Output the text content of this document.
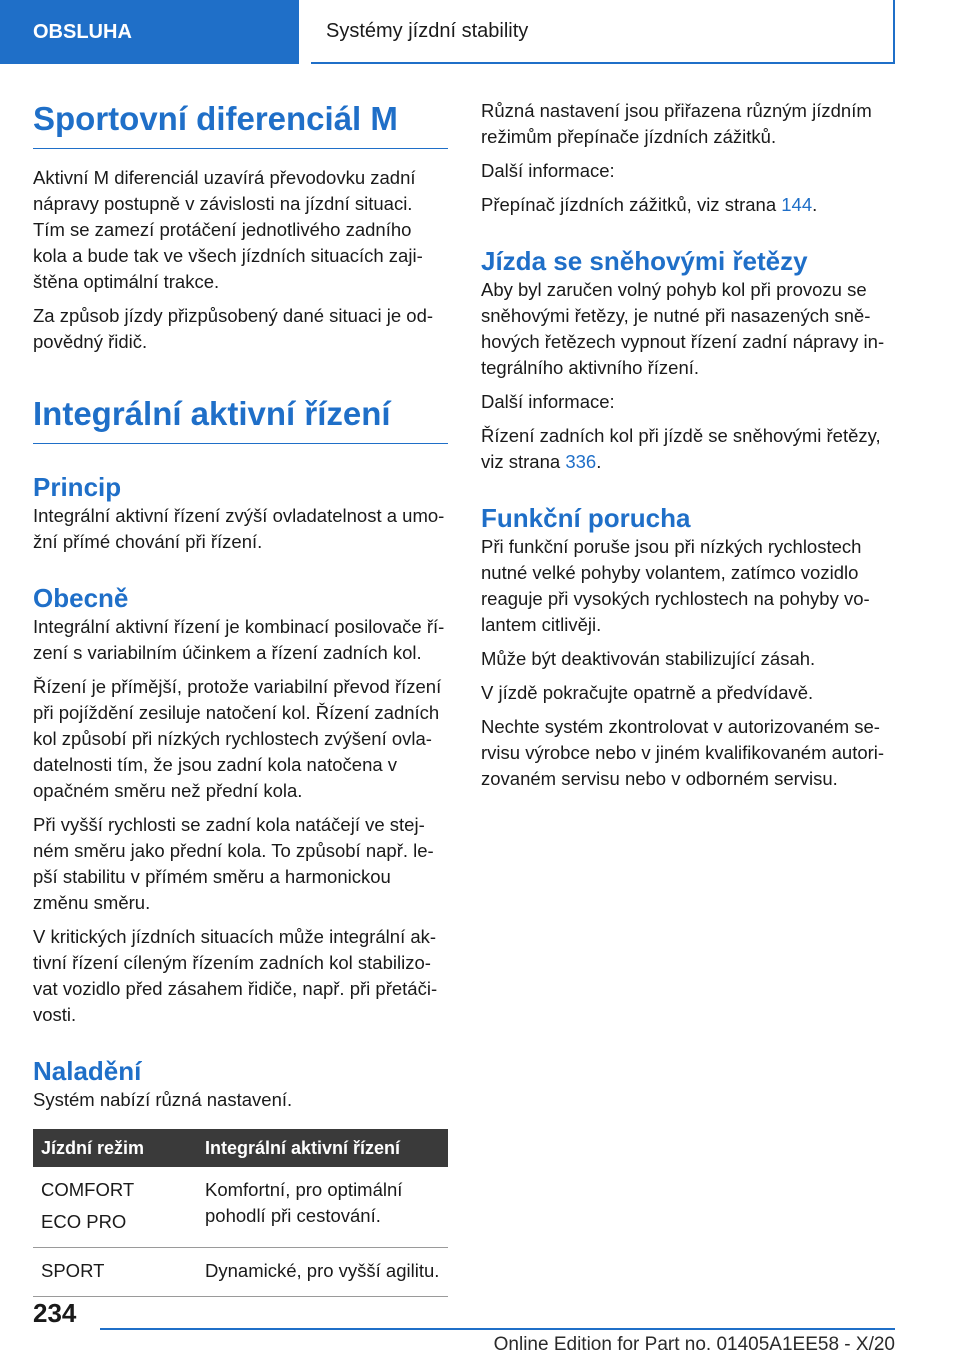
OBSLUHA	Systémy jízdní stability
Sportovní diferenciál M

Aktivní M diferenciál uzavírá převodovku zadní nápravy postupně v závislosti na jízdní situaci. Tím se zamezí protáčení jednotlivého zadního kola a bude tak ve všech jízdních situacích zajištěna optimální trakce.

Za způsob jízdy přizpůsobený dané situaci je odpovědný řidič.

Integrální aktivní řízení
Princip

Integrální aktivní řízení zvýší ovladatelnost a umožní přímé chování při řízení.

Obecně

Integrální aktivní řízení je kombinací posilovače řízení s variabilním účinkem a řízení zadních kol.

Řízení je přímější, protože variabilní převod řízení při pojíždění zesiluje natočení kol. Řízení zadních kol způsobí při nízkých rychlostech zvýšení ovladatelnosti tím, že jsou zadní kola natočena v opačném směru než přední kola.

Při vyšší rychlosti se zadní kola natáčejí ve stejném směru jako přední kola. To způsobí např. lepší stabilitu v přímém směru a harmonickou změnu směru.

V kritických jízdních situacích může integrální aktivní řízení cíleným řízením zadních kol stabilizovat vozidlo před zásahem řidiče, např. při přetáčivosti.

Naladění

Systém nabízí různá nastavení.

Jízdní režim	Integrální aktivní řízení

COMFORT
ECO PRO	Komfortní, pro optimální pohodlí při cestování.

SPORT	Dynamické, pro vyšší agilitu.

Různá nastavení jsou přiřazena různým jízdním režimům přepínače jízdních zážitků.

Další informace:

Přepínač jízdních zážitků, viz strana 144.

Jízda se sněhovými řetězy

Aby byl zaručen volný pohyb kol při provozu se sněhovými řetězy, je nutné při nasazených sněhových řetězech vypnout řízení zadní nápravy integrálního aktivního řízení.

Další informace:

Řízení zadních kol při jízdě se sněhovými řetězy, viz strana 336.

Funkční porucha

Při funkční poruše jsou při nízkých rychlostech nutné velké pohyby volantem, zatímco vozidlo reaguje při vysokých rychlostech na pohyby volantem citlivěji.

Může být deaktivován stabilizující zásah.

V jízdě pokračujte opatrně a předvídavě.

Nechte systém zkontrolovat v autorizovaném servisu výrobce nebo v jiném kvalifikovaném autorizovaném servisu nebo v odborném servisu.

234
Online Edition for Part no. 01405A1EE58 - X/20
